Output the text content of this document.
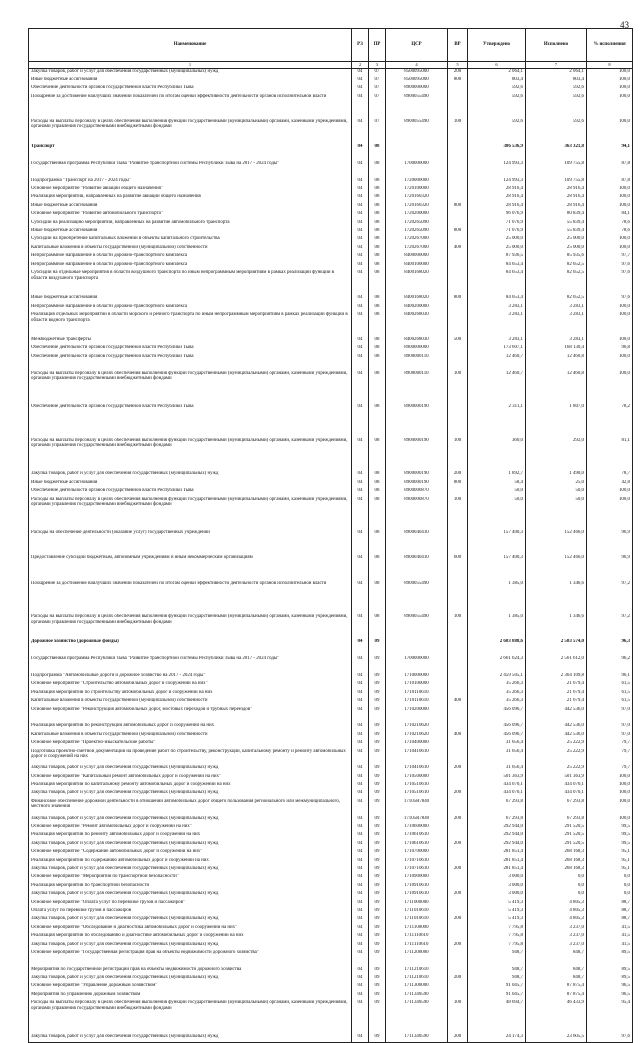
43
Наименование	РЗ	ПР	ЦСР	ВР	Утверждено	Исполнено	% исполнения
1	2	3	4	5	6	7	8
Закупка товаров, работ и услуг для обеспечения государственных (муниципальных) нужд	04	07	8500095000	200	2 064,1	2 064,1	100,0
Иные бюджетные ассигнования	04	07	8500095000	800	803,4	803,4	100,0
Обеспечение деятельности органов государственной власти Республики Тыва	04	07	8900000000		592,6	592,6	100,0
Поощрение за достижение наилучших значений показателей по итогам оценки эффективности деятельности органов исполнительной власти	04	07	8900055490		592,6	592,6	100,0
Расходы на выплаты персоналу в целях обеспечения выполнения функций государственными (муниципальными) органами, казенными учреждениями, органами управления государственными внебюджетными фондами	04	07	8900055490	100	592,6	592,6	100,0
Транспорт	04	08			386 536,9	363 321,8	94,1
Государственная программа Республики Тыва "Развитие транспортной системы Республики Тыва на 2017 - 2024 годы"	04	08	1700000000		124 993,3	109 755,8	87,8
Подпрограмма "Транспорт на 2017 - 2024 годы"	04	08	1720000000		124 993,3	109 755,8	87,8
Основное мероприятие "Развитие авиации общего назначения"	04	08	1720100000		28 916,4	28 916,4	100,0
Реализация мероприятий, направленных на развитие авиации общего назначения	04	08	1720160320		28 916,4	28 916,4	100,0
Иные бюджетные ассигнования	04	08	1720160320	800	28 916,4	28 916,4	100,0
Основное мероприятие "Развитие автомобильного транспорта"	04	08	1720200000		96 076,9	80 839,4	84,1
Субсидии на реализацию мероприятий, направленных на развитие автомобильного транспорта	04	08	1720265090		71 076,9	55 839,4	78,6
Иные бюджетные ассигнования	04	08	1720265090	800	71 076,9	55 839,4	78,6
Субсидии на приобретение капитальных вложений в объекты капитального строительства	04	08	1720267000		25 000,0	25 000,0	100,0
Капитальные вложения в объекты государственной (муниципальной) собственности	04	08	1720267000	400	25 000,0	25 000,0	100,0
Непрограммное направление в области дорожно-транспортного комплекса	04	08	8400000000		87 936,5	85 935,6	97,7
Непрограммное направление в области дорожно-транспортного комплекса	04	08	8400100000		84 653,4	82 652,5	97,6
Субсидии на отдельные мероприятия в области воздушного транспорта по иным непрограммным мероприятиям в рамках реализации функций в области воздушного транспорта	04	08	8400168020		84 653,4	82 652,5	97,6
Иные бюджетные ассигнования	04	08	8400168020	800	84 653,4	82 652,5	97,6
Непрограммное направление в области дорожно-транспортного комплекса	04	08	8400200000		3 283,1	3 283,1	100,0
Реализация отдельных мероприятий в области морского и речного транспорта по иным непрограммным мероприятиям в рамках реализации функций в области водного транспорта	04	08	8400268030		3 283,1	3 283,1	100,0
Межбюджетные трансферты	04	08	8400268030	500	3 283,1	3 283,1	100,0
Обеспечение деятельности органов государственной власти Республики Тыва	04	08	8900000000		173 607,1	168 130,4	96,8
Обеспечение деятельности органов государственной власти Республики Тыва	04	08	8900000110		12 460,7	12 460,8	100,0
Расходы на выплаты персоналу в целях обеспечения выполнения функций государственными (муниципальными) органами, казенными учреждениями, органами управления государственными внебюджетными фондами	04	08	8900000110	100	12 460,7	12 460,8	100,0
Обеспечение деятельности органов государственной власти Республики Тыва	04	08	8900000190		2 311,1	1 807,0	78,2
Расходы на выплаты персоналу в целях обеспечения выполнения функций государственными (муниципальными) органами, казенными учреждениями, органами управления государственными внебюджетными фондами	04	08	8900000190	100	360,0	292,0	81,1
Закупка товаров, работ и услуг для обеспечения государственных (муниципальных) нужд	04	08	8900000190	200	1 892,7	1 490,0	78,7
Иные бюджетные ассигнования	04	08	8900000190	800	58,4	25,0	42,8
Обеспечение деятельности органов государственной власти Республики Тыва	04	08	8900000870		50,0	50,0	100,0
Расходы на выплаты персоналу в целях обеспечения выполнения функций государственными (муниципальными) органами, казенными учреждениями, органами управления государственными внебюджетными фондами	04	08	8900000870	100	50,0	50,0	100,0
Расходы на обеспечение деятельности (оказание услуг) государственных учреждений	04	08	8900040410		157 400,3	152 466,0	96,9
Предоставление субсидий бюджетным, автономным учреждениям и иным некоммерческим организациям	04	08	8900040410	600	157 400,3	152 466,0	96,9
Поощрение за достижение наилучших значений показателей по итогам оценки эффективности деятельности органов исполнительной власти	04	08	8900055490		1 385,0	1 346,6	97,2
Расходы на выплаты персоналу в целях обеспечения выполнения функций государственными (муниципальными) органами, казенными учреждениями, органами управления государственными внебюджетными фондами	04	08	8900055490	100	1 385,0	1 346,6	97,2
Дорожное хозяйство (дорожные фонды)	04	09			2 683 888,6	2 583 574,0	96,3
Государственная программа Республики Тыва "Развитие транспортной системы Республики Тыва на 2017 - 2024 годы"	04	09	1700000000		2 661 624,3	2 561 612,0	96,2
Подпрограмма "Автомобильные дороги и дорожное хозяйство на 2017 - 2024 годы"	04	09	1710000000		2 459 505,1	2 364 109,8	96,1
Основное мероприятие "Строительство автомобильных дорог и сооружений на них"	04	09	1710100000		35 266,3	21 679,4	61,5
Реализация мероприятий по строительству автомобильных дорог и сооружений на них	04	09	1710110610		35 266,3	21 679,4	61,5
Капитальные вложения в объекты государственной (муниципальной) собственности	04	09	1710110610	400	35 266,3	21 679,4	61,5
Основное мероприятие "Реконструкция автомобильных дорог, мостовых переходов и трубных переездов"	04	09	1710200000		456 096,7	442 536,0	97,0
Реализация мероприятий по реконструкции автомобильных дорог и сооружений на них	04	09	1710210620		456 096,7	442 536,0	97,0
Капитальные вложения в объекты государственной (муниципальной) собственности	04	09	1710210620	400	456 096,7	442 536,0	97,0
Основное мероприятие "Проектно-изыскательские работы"	04	09	1710400000		31 656,4	25 222,9	79,7
Подготовка проектно-сметной документации на проведение работ по строительству, реконструкции, капитальному ремонту и ремонту автомобильных дорог и сооружений на них	04	09	1710410610		31 656,4	25 222,9	79,7
Закупка товаров, работ и услуг для обеспечения государственных (муниципальных) нужд	04	09	1710410610	200	31 656,4	25 222,9	79,7
Основное мероприятие "Капитальный ремонт автомобильных дорог и сооружений на них"	04	09	1710500000		501 363,9	501 363,9	100,0
Реализация мероприятий по капитальному ремонту автомобильных дорог и сооружений на них	04	09	1710510610		434 070,1	434 070,1	100,0
Закупка товаров, работ и услуг для обеспечения государственных (муниципальных) нужд	04	09	1710510610	200	434 070,1	434 070,1	100,0
Финансовое обеспечение дорожной деятельности в отношении автомобильных дорог общего пользования регионального или межмуниципального, местного значения	04	09	17105R7840		67 293,8	67 293,8	100,0
Закупка товаров, работ и услуг для обеспечения государственных (муниципальных) нужд	04	09	17105R7840	200	67 293,8	67 293,8	100,0
Основное мероприятие "Ремонт автомобильных дорог и сооружений на них"	04	09	1710600000		292 944,0	291 520,5	99,5
Реализация мероприятий по ремонту автомобильных дорог и сооружений на них	04	09	1710610610		292 944,0	291 520,5	99,5
Закупка товаров, работ и услуг для обеспечения государственных (муниципальных) нужд	04	09	1710610610	200	292 944,0	291 520,5	99,5
Основное мероприятие "Содержание автомобильных дорог и сооружений на них"	04	09	1710700000		281 851,4	268 168,3	95,1
Реализация мероприятий по содержанию автомобильных дорог и сооружений на них	04	09	1710710610		281 851,4	268 168,3	95,1
Закупка товаров, работ и услуг для обеспечения государственных (муниципальных) нужд	04	09	1710710610	200	281 851,4	268 168,3	95,1
Основное мероприятие "Мероприятия по транспортной безопасности"	04	09	1710900000		3 000,0	0,0	0,0
Реализация мероприятий по транспортной безопасности	04	09	1710910610		3 000,0	0,0	0,0
Закупка товаров, работ и услуг для обеспечения государственных (муниципальных) нужд	04	09	1710910610	200	3 000,0	0,0	0,0
Основное мероприятие "Оплата услуг по перевозке грузов и пассажиров"	04	09	1711000000		5 419,3	4 805,3	88,7
Оплата услуг по перевозке грузов и пассажиров	04	09	1711010610		5 419,3	4 805,3	88,7
Закупка товаров, работ и услуг для обеспечения государственных (муниципальных) нужд	04	09	1711010610	200	5 419,3	4 805,3	88,7
Основное мероприятие "Обследование и диагностика автомобильных дорог и сооружений на них"	04	09	1711100000		7 795,8	3 237,0	41,5
Реализация мероприятий по обследованию и диагностике автомобильных дорог и сооружений на них	04	09	1711110610		7 795,8	3 237,0	41,5
Закупка товаров, работ и услуг для обеспечения государственных (муниципальных) нужд	04	09	1711110610	200	7 795,8	3 237,0	41,5
Основное мероприятие "Государственная регистрация прав на объекты недвижимости дорожного хозяйства"	04	09	1711200000		948,7	848,7	89,5
Мероприятия по государственной регистрации прав на объекты недвижимости дорожного хозяйства	04	09	1711210610		948,7	848,7	89,5
Закупка товаров, работ и услуг для обеспечения государственных (муниципальных) нужд	04	09	1711210610	200	948,7	848,7	89,5
Основное мероприятие "Управление дорожным хозяйством"	04	09	1711300000		91 045,7	87 875,4	96,5
Мероприятия по управлению дорожным хозяйством	04	09	1711340590		91 045,7	87 875,4	96,5
Расходы на выплаты персоналу в целях обеспечения выполнения функций государственными (муниципальными) органами, казенными учреждениями, органами управления государственными внебюджетными фондами	04	09	1711340590	100	48 694,7	46 433,9	95,4
Закупка товаров, работ и услуг для обеспечения государственных (муниципальных) нужд	04	09	1711340590	200	24 174,3	23 605,5	97,6
